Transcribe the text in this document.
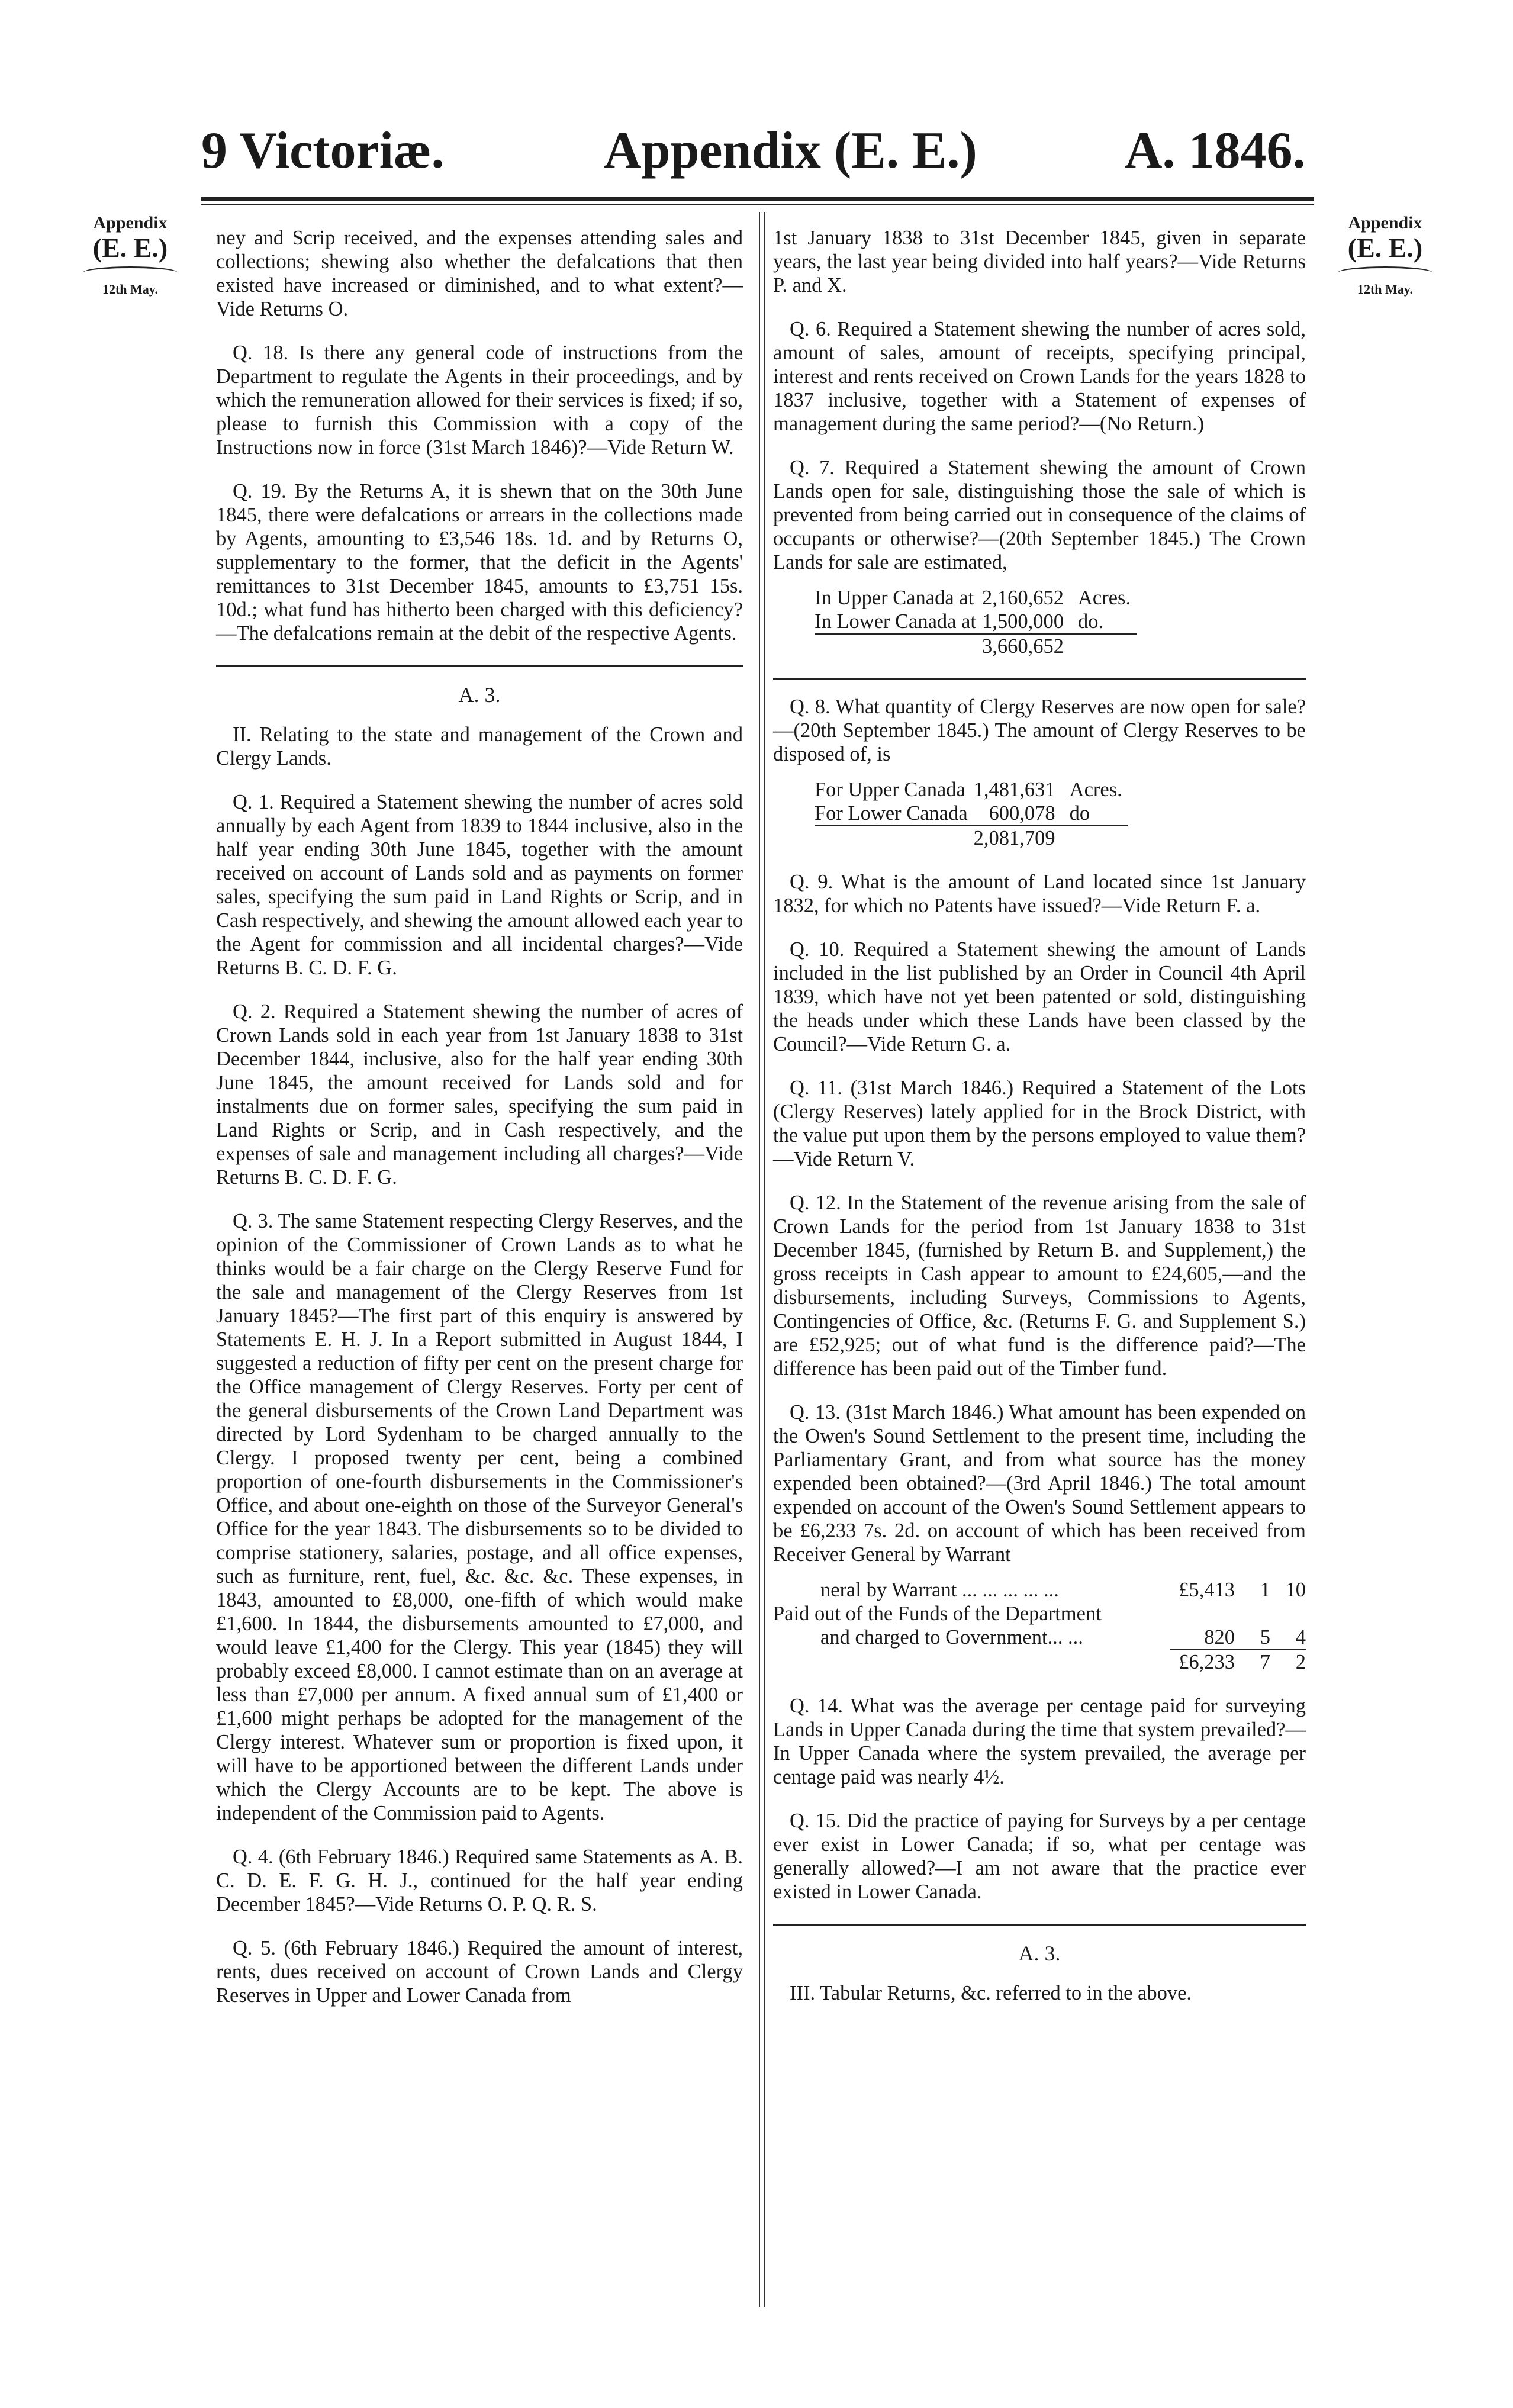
9 Victoriæ.	Appendix (E. E.)	A. 1846.
Appendix
(E. E.)
12th May.
Appendix
(E. E.)
12th May.

ney and Scrip received, and the expenses attending sales and collections; shewing also whether the defalcations that then existed have increased or diminished, and to what extent?—Vide Returns O.

Q. 18. Is there any general code of instructions from the Department to regulate the Agents in their proceedings, and by which the remuneration allowed for their services is fixed; if so, please to furnish this Commission with a copy of the Instructions now in force (31st March 1846)?—Vide Return W.

Q. 19. By the Returns A, it is shewn that on the 30th June 1845, there were defalcations or arrears in the collections made by Agents, amounting to £3,546 18s. 1d. and by Returns O, supplementary to the former, that the deficit in the Agents' remittances to 31st December 1845, amounts to £3,751 15s. 10d.; what fund has hitherto been charged with this deficiency?—The defalcations remain at the debit of the respective Agents.

A. 3.

II. Relating to the state and management of the Crown and Clergy Lands.

Q. 1. Required a Statement shewing the number of acres sold annually by each Agent from 1839 to 1844 inclusive, also in the half year ending 30th June 1845, together with the amount received on account of Lands sold and as payments on former sales, specifying the sum paid in Land Rights or Scrip, and in Cash respectively, and shewing the amount allowed each year to the Agent for commission and all incidental charges?—Vide Returns B. C. D. F. G.

Q. 2. Required a Statement shewing the number of acres of Crown Lands sold in each year from 1st January 1838 to 31st December 1844, inclusive, also for the half year ending 30th June 1845, the amount received for Lands sold and for instalments due on former sales, specifying the sum paid in Land Rights or Scrip, and in Cash respectively, and the expenses of sale and management including all charges?—Vide Returns B. C. D. F. G.

Q. 3. The same Statement respecting Clergy Reserves, and the opinion of the Commissioner of Crown Lands as to what he thinks would be a fair charge on the Clergy Reserve Fund for the sale and management of the Clergy Reserves from 1st January 1845?—The first part of this enquiry is answered by Statements E. H. J. In a Report submitted in August 1844, I suggested a reduction of fifty per cent on the present charge for the Office management of Clergy Reserves. Forty per cent of the general disbursements of the Crown Land Department was directed by Lord Sydenham to be charged annually to the Clergy. I proposed twenty per cent, being a combined proportion of one-fourth disbursements in the Commissioner's Office, and about one-eighth on those of the Surveyor General's Office for the year 1843. The disbursements so to be divided to comprise stationery, salaries, postage, and all office expenses, such as furniture, rent, fuel, &c. &c. &c. These expenses, in 1843, amounted to £8,000, one-fifth of which would make £1,600. In 1844, the disbursements amounted to £7,000, and would leave £1,400 for the Clergy. This year (1845) they will probably exceed £8,000. I cannot estimate than on an average at less than £7,000 per annum. A fixed annual sum of £1,400 or £1,600 might perhaps be adopted for the management of the Clergy interest. Whatever sum or proportion is fixed upon, it will have to be apportioned between the different Lands under which the Clergy Accounts are to be kept. The above is independent of the Commission paid to Agents.

Q. 4. (6th February 1846.) Required same Statements as A. B. C. D. E. F. G. H. J., continued for the half year ending December 1845?—Vide Returns O. P. Q. R. S.

Q. 5. (6th February 1846.) Required the amount of interest, rents, dues received on account of Crown Lands and Clergy Reserves in Upper and Lower Canada from

1st January 1838 to 31st December 1845, given in separate years, the last year being divided into half years?—Vide Returns P. and X.

Q. 6. Required a Statement shewing the number of acres sold, amount of sales, amount of receipts, specifying principal, interest and rents received on Crown Lands for the years 1828 to 1837 inclusive, together with a Statement of expenses of management during the same period?—(No Return.)

Q. 7. Required a Statement shewing the amount of Crown Lands open for sale, distinguishing those the sale of which is prevented from being carried out in consequence of the claims of occupants or otherwise?—(20th September 1845.) The Crown Lands for sale are estimated,

In Upper Canada at	2,160,652	Acres.
In Lower Canada at	1,500,000	do.
	3,660,652	

Q. 8. What quantity of Clergy Reserves are now open for sale?—(20th September 1845.) The amount of Clergy Reserves to be disposed of, is

For Upper Canada	1,481,631	Acres.
For Lower Canada	600,078	do
	2,081,709	

Q. 9. What is the amount of Land located since 1st January 1832, for which no Patents have issued?—Vide Return F. a.

Q. 10. Required a Statement shewing the amount of Lands included in the list published by an Order in Council 4th April 1839, which have not yet been patented or sold, distinguishing the heads under which these Lands have been classed by the Council?—Vide Return G. a.

Q. 11. (31st March 1846.) Required a Statement of the Lots (Clergy Reserves) lately applied for in the Brock District, with the value put upon them by the persons employed to value them?—Vide Return V.

Q. 12. In the Statement of the revenue arising from the sale of Crown Lands for the period from 1st January 1838 to 31st December 1845, (furnished by Return B. and Supplement,) the gross receipts in Cash appear to amount to £24,605,—and the disbursements, including Surveys, Commissions to Agents, Contingencies of Office, &c. (Returns F. G. and Supplement S.) are £52,925; out of what fund is the difference paid?—The difference has been paid out of the Timber fund.

Q. 13. (31st March 1846.) What amount has been expended on the Owen's Sound Settlement to the present time, including the Parliamentary Grant, and from what source has the money expended been obtained?—(3rd April 1846.) The total amount expended on account of the Owen's Sound Settlement appears to be £6,233 7s. 2d. on account of which has been received from Receiver General by Warrant

neral by Warrant ... ... ... ... ...	£5,413	1	10
Paid out of the Funds of the Department			
and charged to Government... ...	820	5	4
	£6,233	7	2

Q. 14. What was the average per centage paid for surveying Lands in Upper Canada during the time that system prevailed?—In Upper Canada where the system prevailed, the average per centage paid was nearly 4½.

Q. 15. Did the practice of paying for Surveys by a per centage ever exist in Lower Canada; if so, what per centage was generally allowed?—I am not aware that the practice ever existed in Lower Canada.

A. 3.

III. Tabular Returns, &c. referred to in the above.
